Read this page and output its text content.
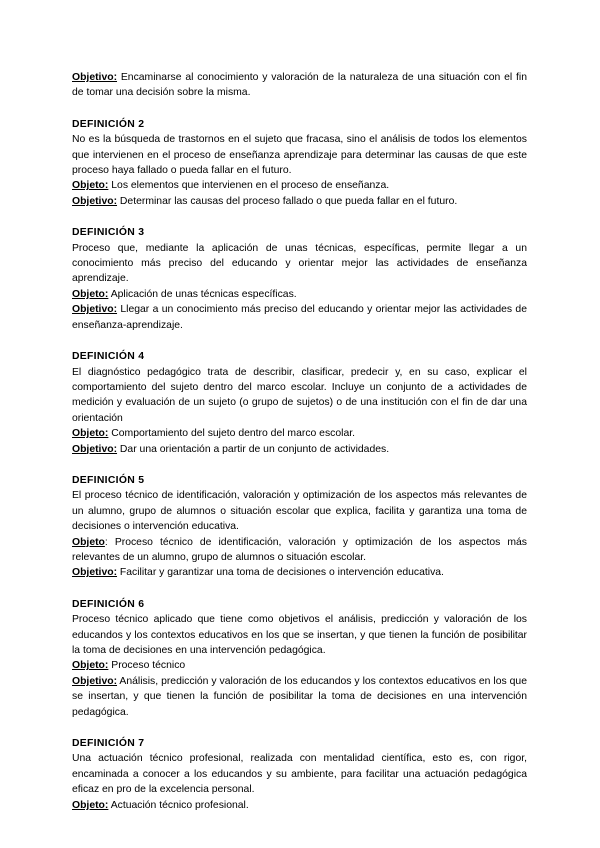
Objetivo: Encaminarse al conocimiento y valoración de la naturaleza de una situación con el fin de tomar una decisión sobre la misma.

DEFINICIÓN 2

No es la búsqueda de trastornos en el sujeto que fracasa, sino el análisis de todos los elementos que intervienen en el proceso de enseñanza aprendizaje para determinar las causas de que este proceso haya fallado o pueda fallar en el futuro.

Objeto: Los elementos que intervienen en el proceso de enseñanza.

Objetivo: Determinar las causas del proceso fallado o que pueda fallar en el futuro.

DEFINICIÓN 3

Proceso que, mediante la aplicación de unas técnicas, específicas, permite llegar a un conocimiento más preciso del educando y orientar mejor las actividades de enseñanza aprendizaje.

Objeto: Aplicación de unas técnicas específicas.

Objetivo: Llegar a un conocimiento más preciso del educando y orientar mejor las actividades de enseñanza-aprendizaje.

DEFINICIÓN 4

El diagnóstico pedagógico trata de describir, clasificar, predecir y, en su caso, explicar el comportamiento del sujeto dentro del marco escolar. Incluye un conjunto de a actividades de medición y evaluación de un sujeto (o grupo de sujetos) o de una institución con el fin de dar una orientación

Objeto: Comportamiento del sujeto dentro del marco escolar.

Objetivo: Dar una orientación a partir de un conjunto de actividades.

DEFINICIÓN 5

El proceso técnico de identificación, valoración y optimización de los aspectos más relevantes de un alumno, grupo de alumnos o situación escolar que explica, facilita y garantiza una toma de decisiones o intervención educativa.

Objeto: Proceso técnico de identificación, valoración y optimización de los aspectos más relevantes de un alumno, grupo de alumnos o situación escolar.

Objetivo: Facilitar y garantizar una toma de decisiones o intervención educativa.

DEFINICIÓN 6

Proceso técnico aplicado que tiene como objetivos el análisis, predicción y valoración de los educandos y los contextos educativos en los que se insertan, y que tienen la función de posibilitar la toma de decisiones en una intervención pedagógica.

Objeto: Proceso técnico

Objetivo: Análisis, predicción y valoración de los educandos y los contextos educativos en los que se insertan, y que tienen la función de posibilitar la toma de decisiones en una intervención pedagógica.

DEFINICIÓN 7

Una actuación técnico profesional, realizada con mentalidad científica, esto es, con rigor, encaminada a conocer a los educandos y su ambiente, para facilitar una actuación pedagógica eficaz en pro de la excelencia personal.

Objeto: Actuación técnico profesional.
